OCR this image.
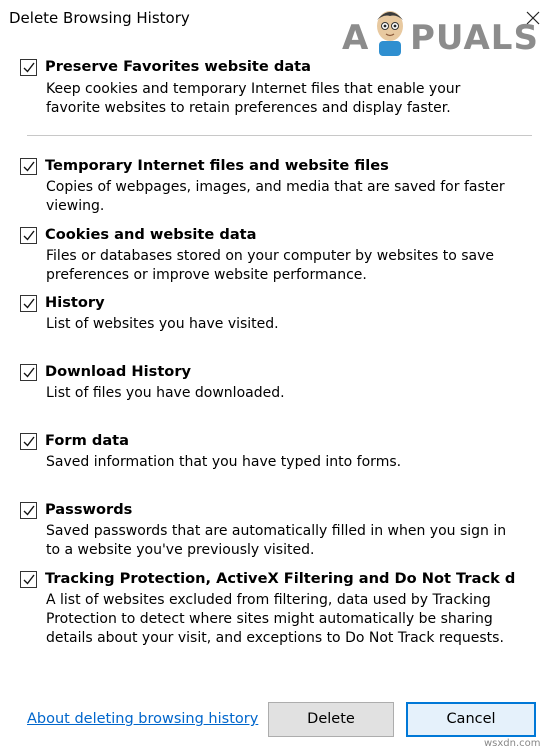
Delete Browsing History	A PUALS
Preserve Favorites website data
Keep cookies and temporary Internet files that enable your favorite websites to retain preferences and display faster.
Temporary Internet files and website files
Copies of webpages, images, and media that are saved for faster viewing.
Cookies and website data
Files or databases stored on your computer by websites to save preferences or improve website performance.
History
List of websites you have visited.
Download History
List of files you have downloaded.
Form data
Saved information that you have typed into forms.
Passwords
Saved passwords that are automatically filled in when you sign in to a website you've previously visited.
Tracking Protection, ActiveX Filtering and Do Not Track d
A list of websites excluded from filtering, data used by Tracking Protection to detect where sites might automatically be sharing details about your visit, and exceptions to Do Not Track requests.
About deleting browsing history	Delete	Cancel
wsxdn.com
